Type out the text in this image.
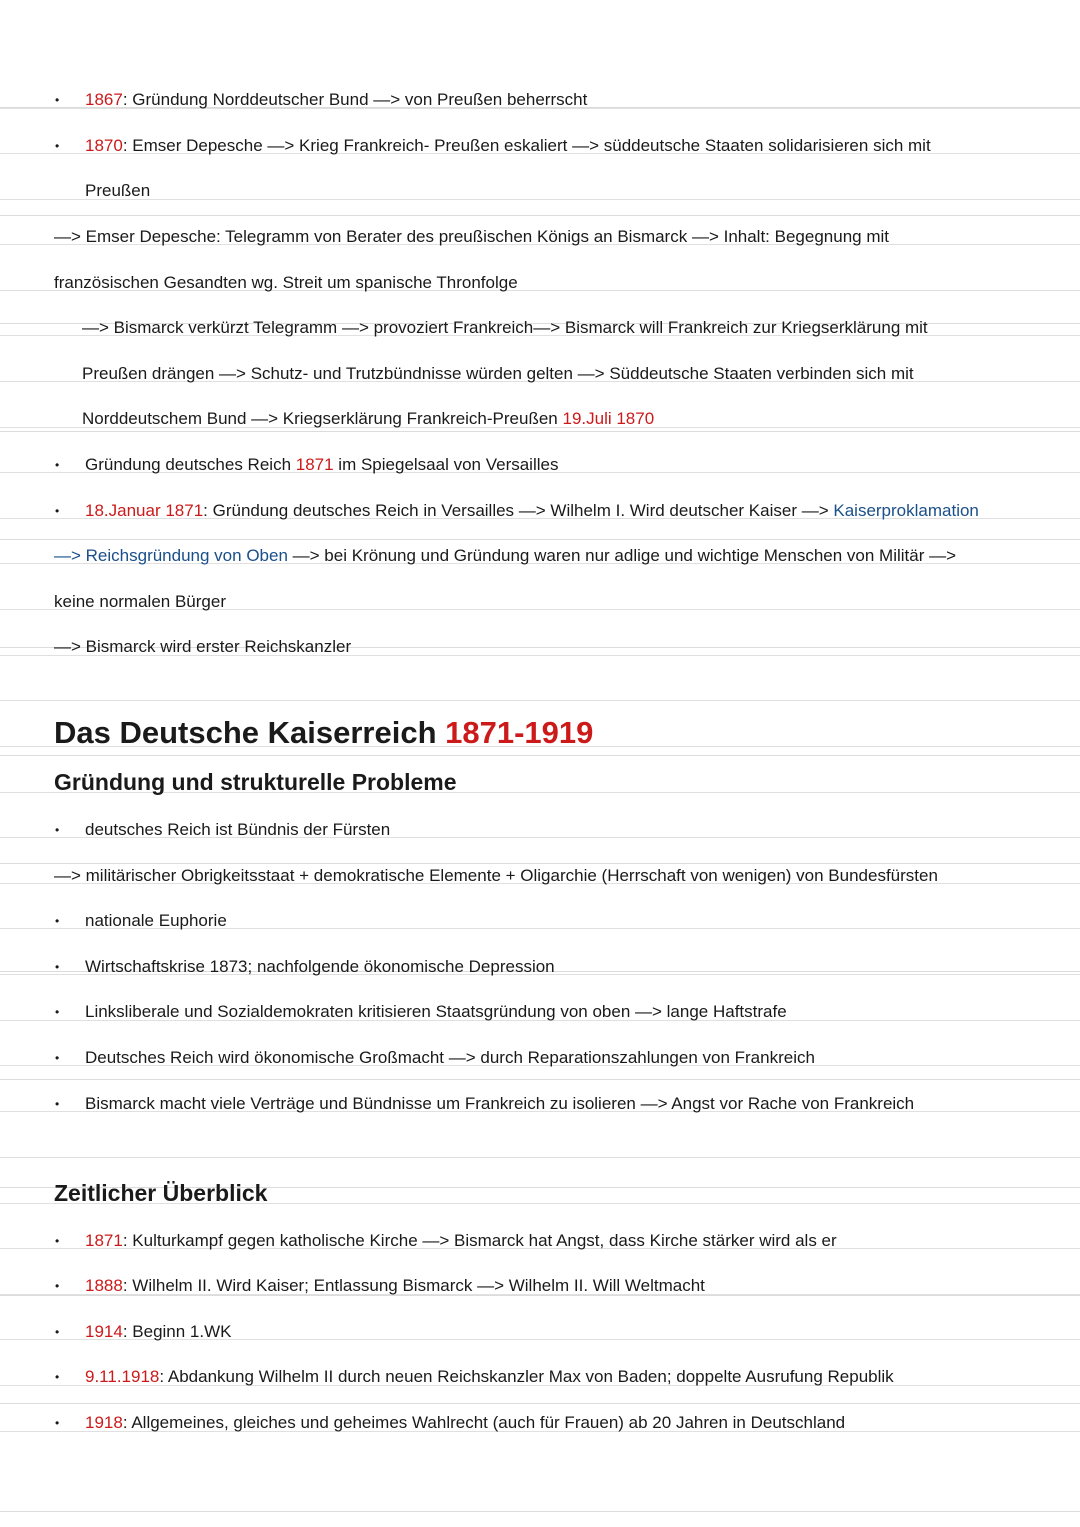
• 1867: Gründung Norddeutscher Bund —> von Preußen beherrscht
• 1870: Emser Depesche —> Krieg Frankreich- Preußen eskaliert —> süddeutsche Staaten solidarisieren sich mit
Preußen
—> Emser Depesche: Telegramm von Berater des preußischen Königs an Bismarck —> Inhalt: Begegnung mit
französischen Gesandten wg. Streit um spanische Thronfolge
—> Bismarck verkürzt Telegramm —> provoziert Frankreich—> Bismarck will Frankreich zur Kriegserklärung mit
Preußen drängen —> Schutz- und Trutzbündnisse würden gelten —> Süddeutsche Staaten verbinden sich mit
Norddeutschem Bund —> Kriegserklärung Frankreich-Preußen 19.Juli 1870
• Gründung deutsches Reich 1871 im Spiegelsaal von Versailles
• 18.Januar 1871: Gründung deutsches Reich in Versailles —> Wilhelm I. Wird deutscher Kaiser —> Kaiserproklamation
—> Reichsgründung von Oben —> bei Krönung und Gründung waren nur adlige und wichtige Menschen von Militär —>
keine normalen Bürger
—> Bismarck wird erster Reichskanzler
Das Deutsche Kaiserreich 1871-1919
Gründung und strukturelle Probleme
• deutsches Reich ist Bündnis der Fürsten
—> militärischer Obrigkeitsstaat + demokratische Elemente + Oligarchie (Herrschaft von wenigen) von Bundesfürsten
• nationale Euphorie
• Wirtschaftskrise 1873; nachfolgende ökonomische Depression
• Linksliberale und Sozialdemokraten kritisieren Staatsgründung von oben —> lange Haftstrafe
• Deutsches Reich wird ökonomische Großmacht —> durch Reparationszahlungen von Frankreich
• Bismarck macht viele Verträge und Bündnisse um Frankreich zu isolieren —> Angst vor Rache von Frankreich
Zeitlicher Überblick
• 1871: Kulturkampf gegen katholische Kirche —> Bismarck hat Angst, dass Kirche stärker wird als er
• 1888: Wilhelm II. Wird Kaiser; Entlassung Bismarck —> Wilhelm II. Will Weltmacht
• 1914: Beginn 1.WK
• 9.11.1918: Abdankung Wilhelm II durch neuen Reichskanzler Max von Baden; doppelte Ausrufung Republik
• 1918: Allgemeines, gleiches und geheimes Wahlrecht (auch für Frauen) ab 20 Jahren in Deutschland
